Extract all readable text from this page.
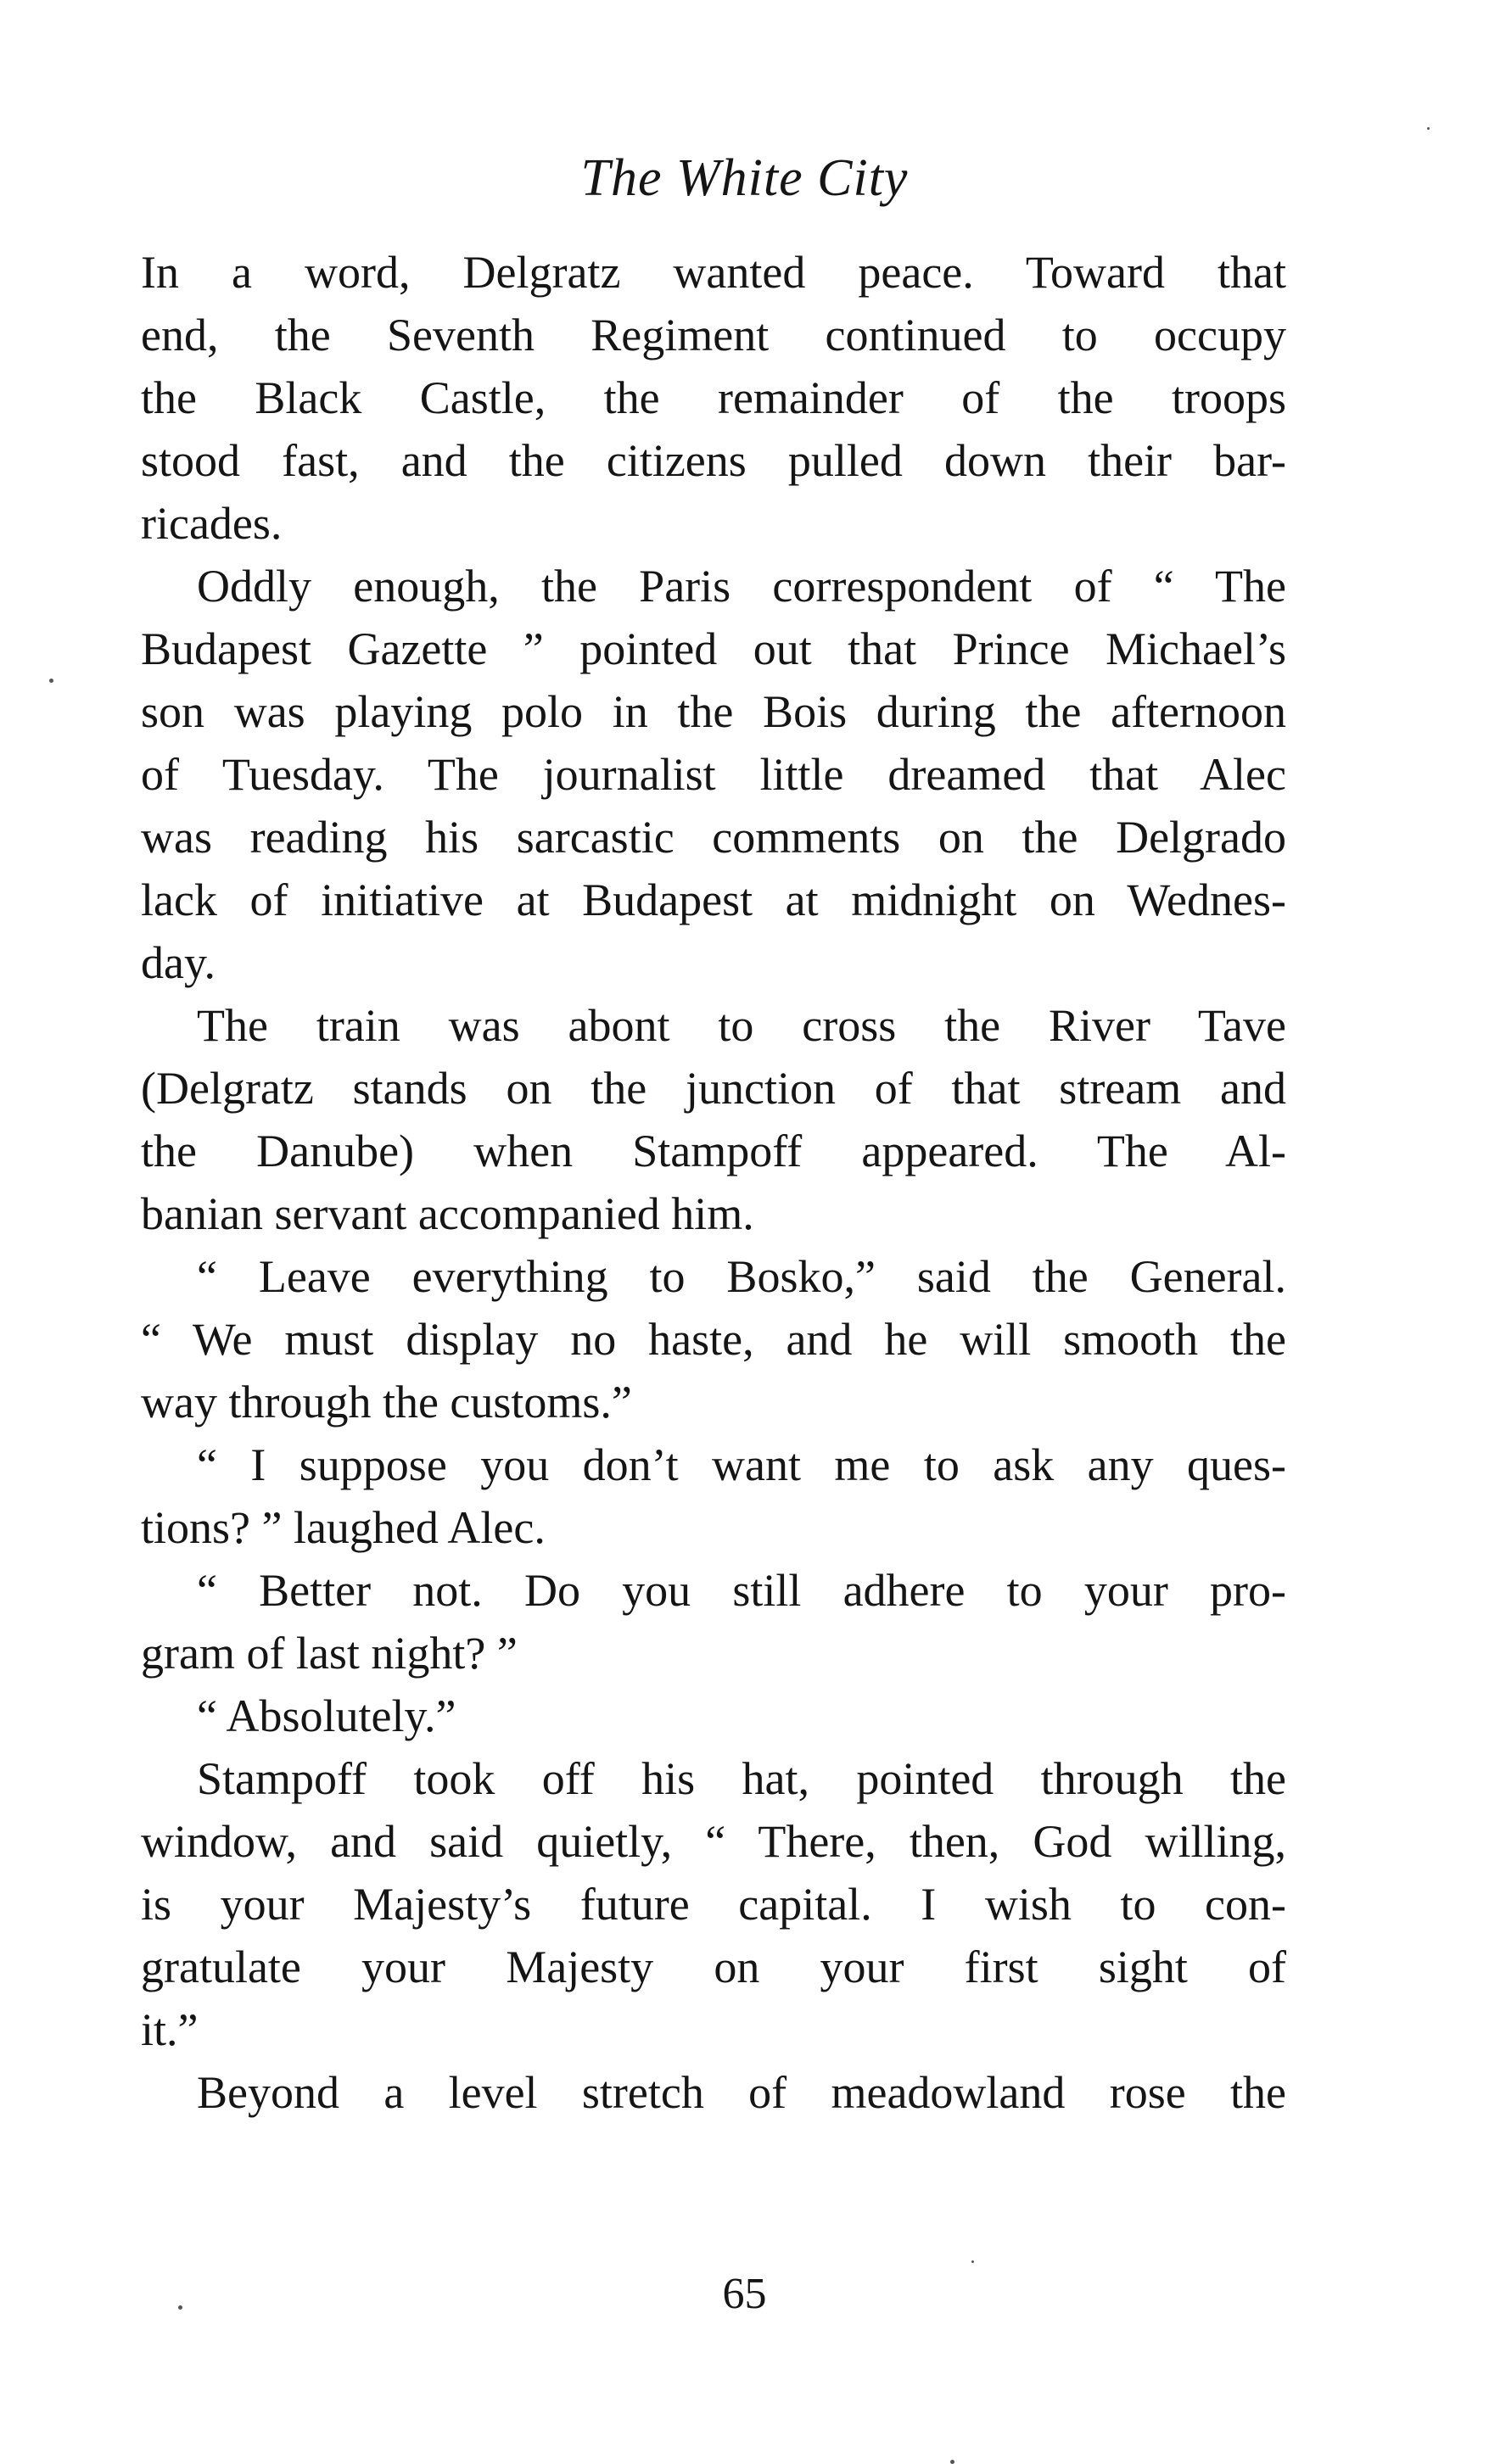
The White City

In a word, Delgratz wanted peace. Toward that
end, the Seventh Regiment continued to occupy
the Black Castle, the remainder of the troops
stood fast, and the citizens pulled down their bar-
ricades.

Oddly enough, the Paris correspondent of “ The
Budapest Gazette ” pointed out that Prince Michael’s
son was playing polo in the Bois during the afternoon
of Tuesday. The journalist little dreamed that Alec
was reading his sarcastic comments on the Delgrado
lack of initiative at Budapest at midnight on Wednes-
day.

The train was abont to cross the River Tave
(Delgratz stands on the junction of that stream and
the Danube) when Stampoff appeared. The Al-
banian servant accompanied him.

“ Leave everything to Bosko,” said the General.
“ We must display no haste, and he will smooth the
way through the customs.”

“ I suppose you don’t want me to ask any ques-
tions? ” laughed Alec.

“ Better not. Do you still adhere to your pro-
gram of last night? ”

“ Absolutely.”

Stampoff took off his hat, pointed through the
window, and said quietly, “ There, then, God willing,
is your Majesty’s future capital. I wish to con-
gratulate your Majesty on your first sight of
it.”

Beyond a level stretch of meadowland rose the

65
